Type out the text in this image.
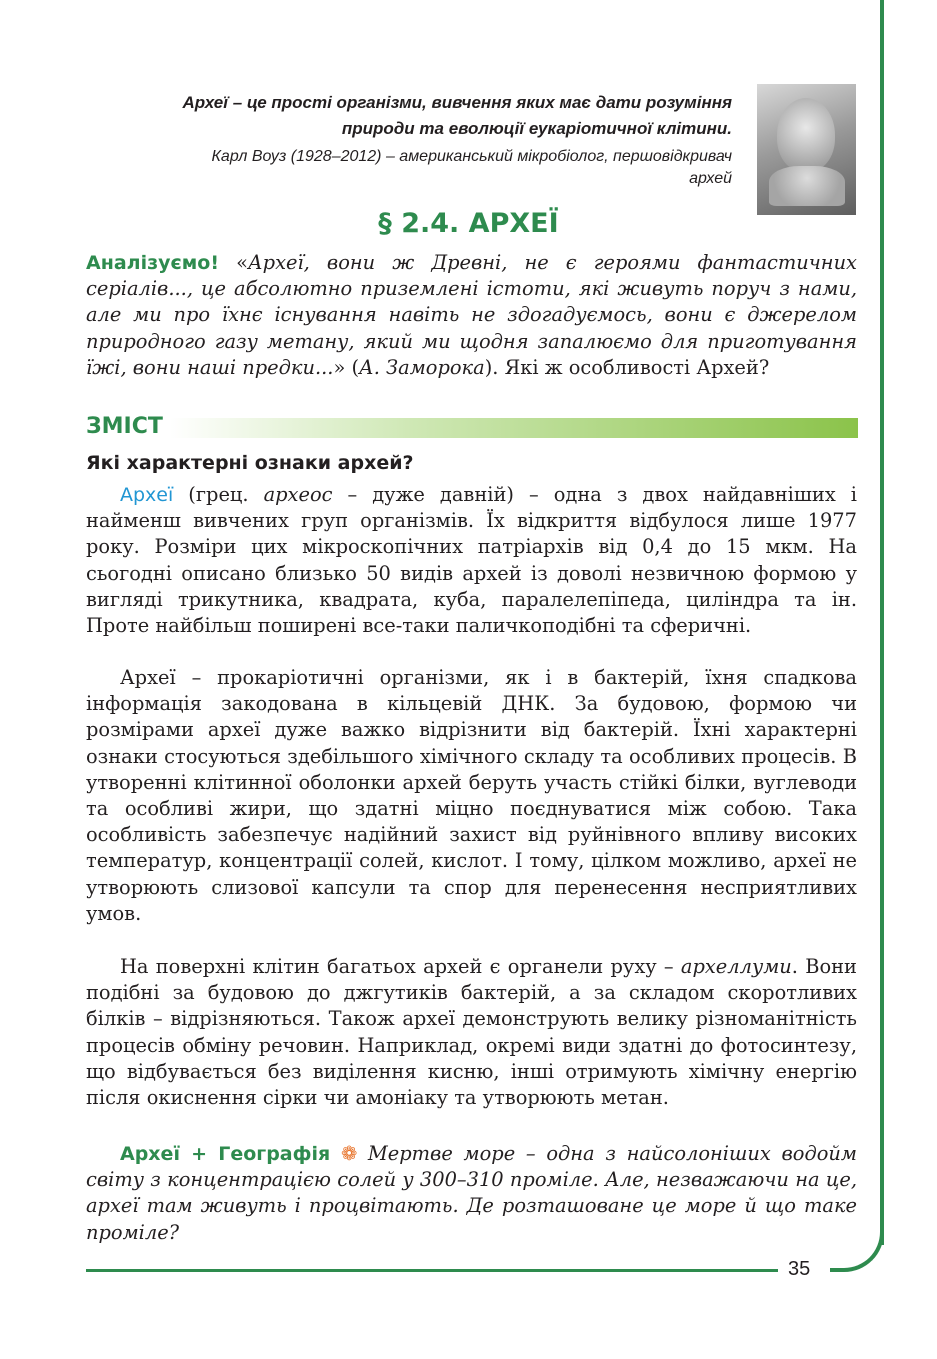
35
Археї – це прості організми, вивчення яких має дати розуміння природи та еволюції еукаріотичної клітини.
Карл Воуз (1928–2012) – американський мікробіолог, першовідкривач архей
§ 2.4. АРХЕЇ

Аналізуємо! «Археї, вони ж Древні, не є героями фантастичних серіалів..., це абсолютно приземлені істоти, які живуть поруч з нами, але ми про їхнє існування навіть не здогадуємось, вони є джерелом природного газу метану, який ми щодня запалюємо для приготування їжі, вони наші предки...» (А. Заморока). Які ж особливості Архей?

ЗМІСТ
Які характерні ознаки архей?

Археї (грец. археос – дуже давній) – одна з двох найдавніших і найменш вивчених груп організмів. Їх відкриття відбулося лише 1977 року. Розміри цих мікроскопічних патріархів від 0,4 до 15 мкм. На сьогодні описано близько 50 видів архей із доволі незвичною формою у вигляді трикутника, квадрата, куба, паралелепіпеда, циліндра та ін. Проте найбільш поширені все-таки паличкоподібні та сферичні.

Археї – прокаріотичні організми, як і в бактерій, їхня спадкова інформація закодована в кільцевій ДНК. За будовою, формою чи розмірами археї дуже важко відрізнити від бактерій. Їхні характерні ознаки стосуються здебільшого хімічного складу та особливих процесів. В утворенні клітинної оболонки архей беруть участь стійкі білки, вуглеводи та особливі жири, що здатні міцно поєднуватися між собою. Така особливість забезпечує надійний захист від руйнівного впливу високих температур, концентрації солей, кислот. І тому, цілком можливо, археї не утворюють слизової капсули та спор для перенесення несприятливих умов.

На поверхні клітин багатьох архей є органели руху – археллуми. Вони подібні за будовою до джгутиків бактерій, а за складом скоротливих білків – відрізняються. Також археї демонструють велику різноманітність процесів обміну речовин. Наприклад, окремі види здатні до фотосинтезу, що відбувається без виділення кисню, інші отримують хімічну енергію після окиснення сірки чи амоніаку та утворюють метан.

Археї + Географія ❁ Мертве море – одна з найсолоніших водойм світу з концентрацією солей у 300–310 проміле. Але, незважаючи на це, археї там живуть і процвітають. Де розташоване це море й що таке проміле?
